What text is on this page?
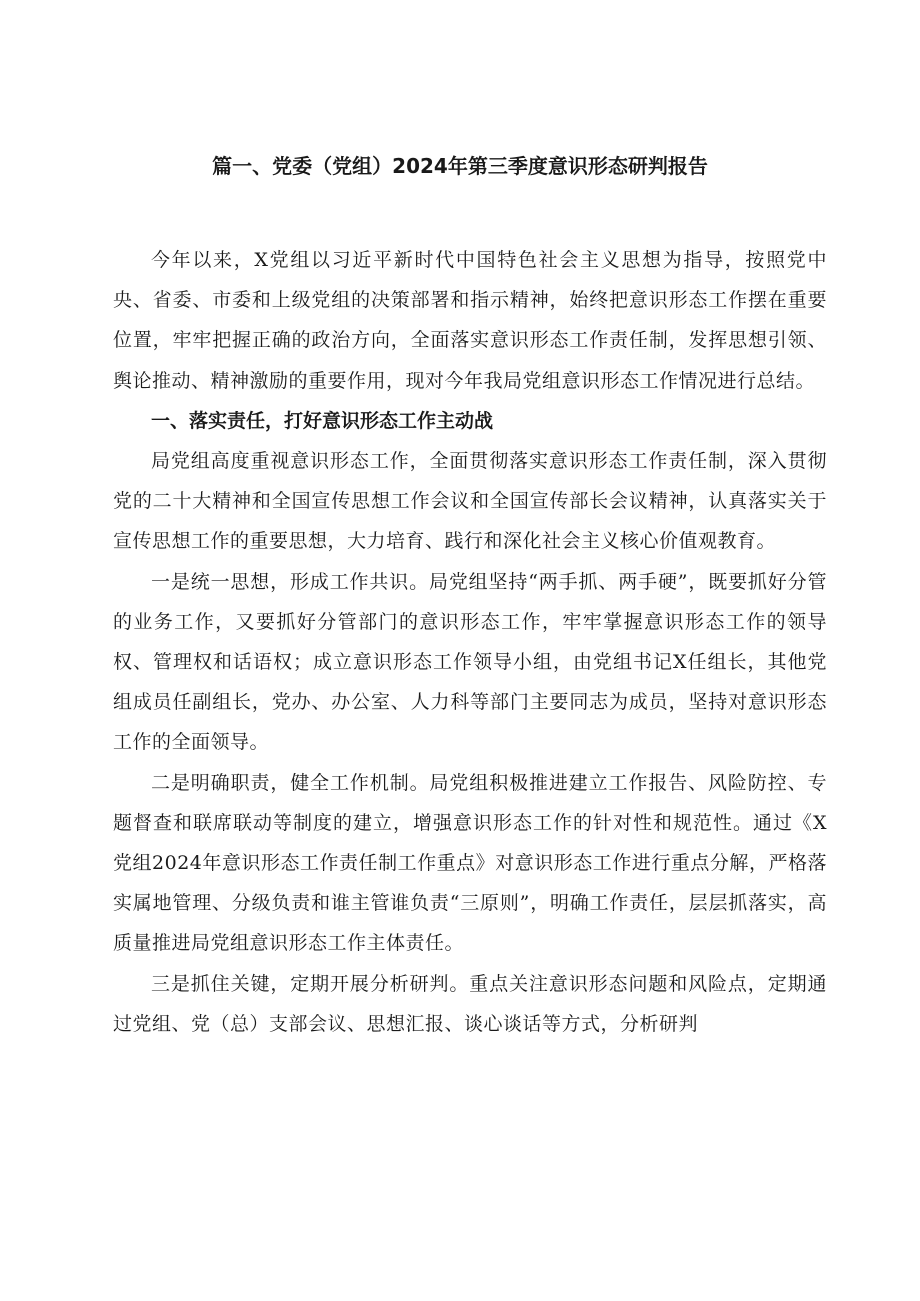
篇一、党委（党组）2024年第三季度意识形态研判报告

今年以来，X党组以习近平新时代中国特色社会主义思想为指导，按照党中央、省委、市委和上级党组的决策部署和指示精神，始终把意识形态工作摆在重要位置，牢牢把握正确的政治方向，全面落实意识形态工作责任制，发挥思想引领、舆论推动、精神激励的重要作用，现对今年我局党组意识形态工作情况进行总结。

一、落实责任，打好意识形态工作主动战

局党组高度重视意识形态工作，全面贯彻落实意识形态工作责任制，深入贯彻党的二十大精神和全国宣传思想工作会议和全国宣传部长会议精神，认真落实关于宣传思想工作的重要思想，大力培育、践行和深化社会主义核心价值观教育。

一是统一思想，形成工作共识。局党组坚持“两手抓、两手硬”，既要抓好分管的业务工作，又要抓好分管部门的意识形态工作，牢牢掌握意识形态工作的领导权、管理权和话语权；成立意识形态工作领导小组，由党组书记X任组长，其他党组成员任副组长，党办、办公室、人力科等部门主要同志为成员，坚持对意识形态工作的全面领导。

二是明确职责，健全工作机制。局党组积极推进建立工作报告、风险防控、专题督查和联席联动等制度的建立，增强意识形态工作的针对性和规范性。通过《X党组2024年意识形态工作责任制工作重点》对意识形态工作进行重点分解，严格落实属地管理、分级负责和谁主管谁负责“三原则”，明确工作责任，层层抓落实，高质量推进局党组意识形态工作主体责任。

三是抓住关键，定期开展分析研判。重点关注意识形态问题和风险点，定期通过党组、党（总）支部会议、思想汇报、谈心谈话等方式，分析研判
